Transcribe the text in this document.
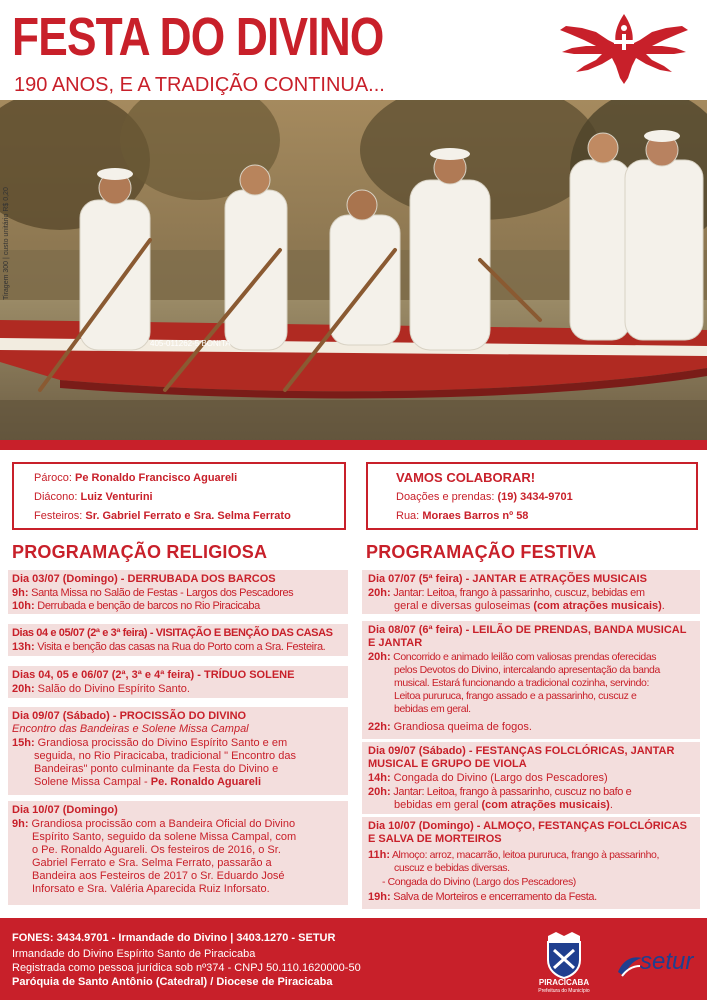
FESTA DO DIVINO
190 ANOS, E A TRADIÇÃO CONTINUA...
405-011262-5 BONITA
Tiragem 300 | custo unitário R$ 0,20
Pároco: Pe Ronaldo Francisco Aguareli
Diácono: Luiz Venturini
Festeiros: Sr. Gabriel Ferrato e Sra. Selma Ferrato
VAMOS COLABORAR!
Doações e prendas: (19) 3434-9701
Rua: Moraes Barros nº 58
PROGRAMAÇÃO RELIGIOSA	PROGRAMAÇÃO FESTIVA
Dia 03/07 (Domingo) - DERRUBADA DOS BARCOS
9h: Santa Missa no Salão de Festas - Largos dos Pescadores
10h: Derrubada e benção de barcos no Rio Piracicaba
Dias 04 e 05/07 (2ª e 3ª feira) - VISITAÇÃO E BENÇÃO DAS CASAS
13h: Visita e benção das casas na Rua do Porto com a Sra. Festeira.
Dias 04, 05 e 06/07 (2ª, 3ª e 4ª feira) - TRÍDUO SOLENE
20h: Salão do Divino Espírito Santo.
Dia 09/07 (Sábado) - PROCISSÃO DO DIVINO
Encontro das Bandeiras e Solene Missa Campal
15h: Grandiosa procissão do Divino Espírito Santo e em
seguida, no Rio Piracicaba, tradicional " Encontro das
Bandeiras" ponto culminante da Festa do Divino e
Solene Missa Campal - Pe. Ronaldo Aguareli
Dia 10/07 (Domingo)
9h: Grandiosa procissão com a Bandeira Oficial do Divino
Espírito Santo, seguido da solene Missa Campal, com
o Pe. Ronaldo Aguareli. Os festeiros de 2016, o Sr.
Gabriel Ferrato e Sra. Selma Ferrato, passarão a
Bandeira aos Festeiros de 2017 o Sr. Eduardo José
Inforsato e Sra. Valéria Aparecida Ruiz Inforsato.
Dia 07/07 (5ª feira) - JANTAR E ATRAÇÕES MUSICAIS
20h: Jantar: Leitoa, frango à passarinho, cuscuz, bebidas em
geral e diversas guloseimas (com atrações musicais).
Dia 08/07 (6ª feira) - LEILÃO DE PRENDAS, BANDA MUSICAL
E JANTAR
20h: Concorrido e animado leilão com valiosas prendas oferecidas
pelos Devotos do Divino, intercalando apresentação da banda
musical. Estará funcionando a tradicional cozinha, servindo:
Leitoa pururuca, frango assado e a passarinho, cuscuz e
bebidas em geral.
22h: Grandiosa queima de fogos.
Dia 09/07 (Sábado) - FESTANÇAS FOLCLÓRICAS, JANTAR
MUSICAL E GRUPO DE VIOLA
14h: Congada do Divino (Largo dos Pescadores)
20h: Jantar: Leitoa, frango à passarinho, cuscuz no bafo e
bebidas em geral (com atrações musicais).
Dia 10/07 (Domingo) - ALMOÇO, FESTANÇAS FOLCLÓRICAS
E SALVA DE MORTEIROS
11h: Almoço: arroz, macarrão, leitoa pururuca, frango à passarinho,
cuscuz e bebidas diversas.
- Congada do Divino (Largo dos Pescadores)
19h: Salva de Morteiros e encerramento da Festa.
FONES: 3434.9701 - Irmandade do Divino | 3403.1270 - SETUR
Irmandade do Divino Espírito Santo de Piracicaba
Registrada como pessoa jurídica sob nº374 - CNPJ 50.110.1620000-50
Paróquia de Santo Antônio (Catedral) / Diocese de Piracicaba	PIRACICABA
Prefeitura do Município
setur
